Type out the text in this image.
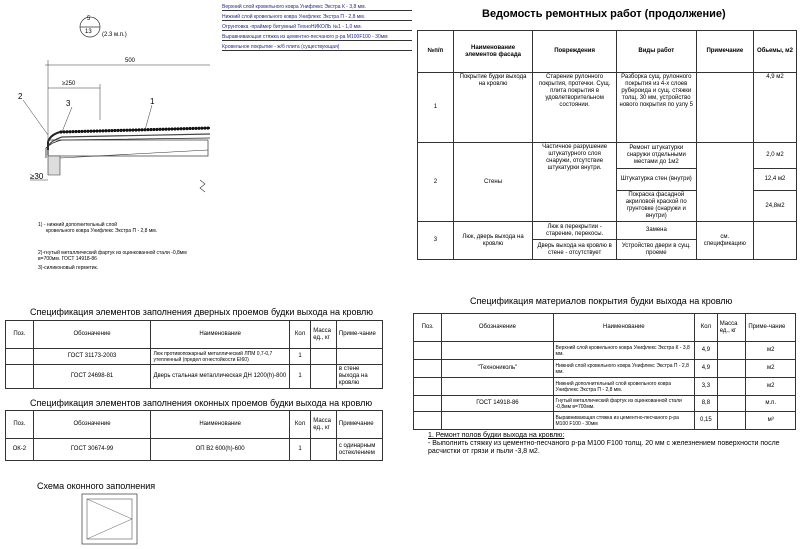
5
13 (2.3 м.п.)
500
≥250
≥30
2
3	1
1) - нижний дополнительный слой
кровельного ковра Унифлекс Экстра П - 2,8 мм.
2)-гнутый металлический фартук из оцинкованной стали -0,8мм
в=700мм. ГОСТ 14918-86
3)-силиконовый герметик.
Верхний слой кровельного ковра Унифлекс Экстра К - 3,8 мм.
Нижний слой кровельного ковра Унифлекс Экстра П - 2,8 мм.
Огрунтовка -праймер битумный ТехноНИКОЛЬ №1 - 1,0 мм.
Выравнивающая стяжка из цементно-песчаного р-ра М100F100 - 30мм
Кровельное покрытие - ж/б плита (существующая)
Ведомость ремонтных работ (продолжение)
№п/п	Наименование элементов фасада	Повреждения	Виды работ	Примечание	Обьемы, м2
1	Покрытие будки выхода на кровлю	Старение рулонного покрытия, протечки. Сущ. плита покрытия в удовлетворительном состоянии.	Разборка сущ. рулонного покрытия из 4-х слоев рубероида и сущ. стяжки толщ. 30 мм, устройство нового покрытия по узлу 5		4,9 м2
2	Стены	Частичное разрушение штукатурного слоя снаружи, отсутствие штукатурки внутри.	Ремонт штукатурки снаружи отдельными местами до 1м2		2,0 м2
			Штукатурка стен (внутри)		12,4 м2
			Покраска фасадной акриловой краской по грунтовке (снаружи и внутри)		24,8м2
3	Люк, дверь выхода на кровлю	Люк в перекрытии - старение, перекосы.	Замена	см. спецификацию	
		Дверь выхода на кровлю в стене - отсутствует	Устройство двери в сущ. проеме		
Спецификация элементов заполнения дверных проемов будки выхода на кровлю
Поз.	Обозначение	Наименование	Кол	Масса ед., кг	Приме-чание
	ГОСТ 31173-2003	Люк противопожарный металлический ЛПМ 0,7-0,7 утепленный (предел огнестойкости ЕI60)	1		
	ГОСТ 24698-81	Дверь стальная металлическая ДН 1200(h)-800	1		в стене выхода на кровлю
Спецификация элементов заполнения оконных проемов будки выхода на кровлю
Поз.	Обозначение	Наименование	Кол	Масса ед., кг	Примечание
ОК-2	ГОСТ 30674-99	ОП В2 600(h)-600	1		с одинарным остеклением
Схема оконного заполнения
Спецификация материалов покрытия будки выхода на кровлю
Поз.	Обозначение	Наименование	Кол	Масса ед., кг	Приме-чание
		Верхний слой кровельного ковра Унифлекс Экстра К - 3,8 мм.	4,9		м2
	"Технониколь"	Нижний слой кровельного ковра Унифлекс Экстра П - 2,8 мм.	4,9		м2
		Нижний дополнительный слой кровельного ковра Унифлекс Экстра П - 2,8 мм.	3,3		м2
	ГОСТ 14918-86	Гнутый металлический фартук из оцинкованной стали -0,8мм в=700мм.	8,8		м.п.
		Выравнивающая стяжка из цементно-песчаного р-ра М100 F100 - 30мм	0,15		м³
1. Ремонт полов будки выхода на кровлю:
- Выполнить стяжку из цементно-песчаного р-ра М100 F100 толщ. 20 мм с железнением поверхности после расчистки от грязи и пыли -3,8 м2.
